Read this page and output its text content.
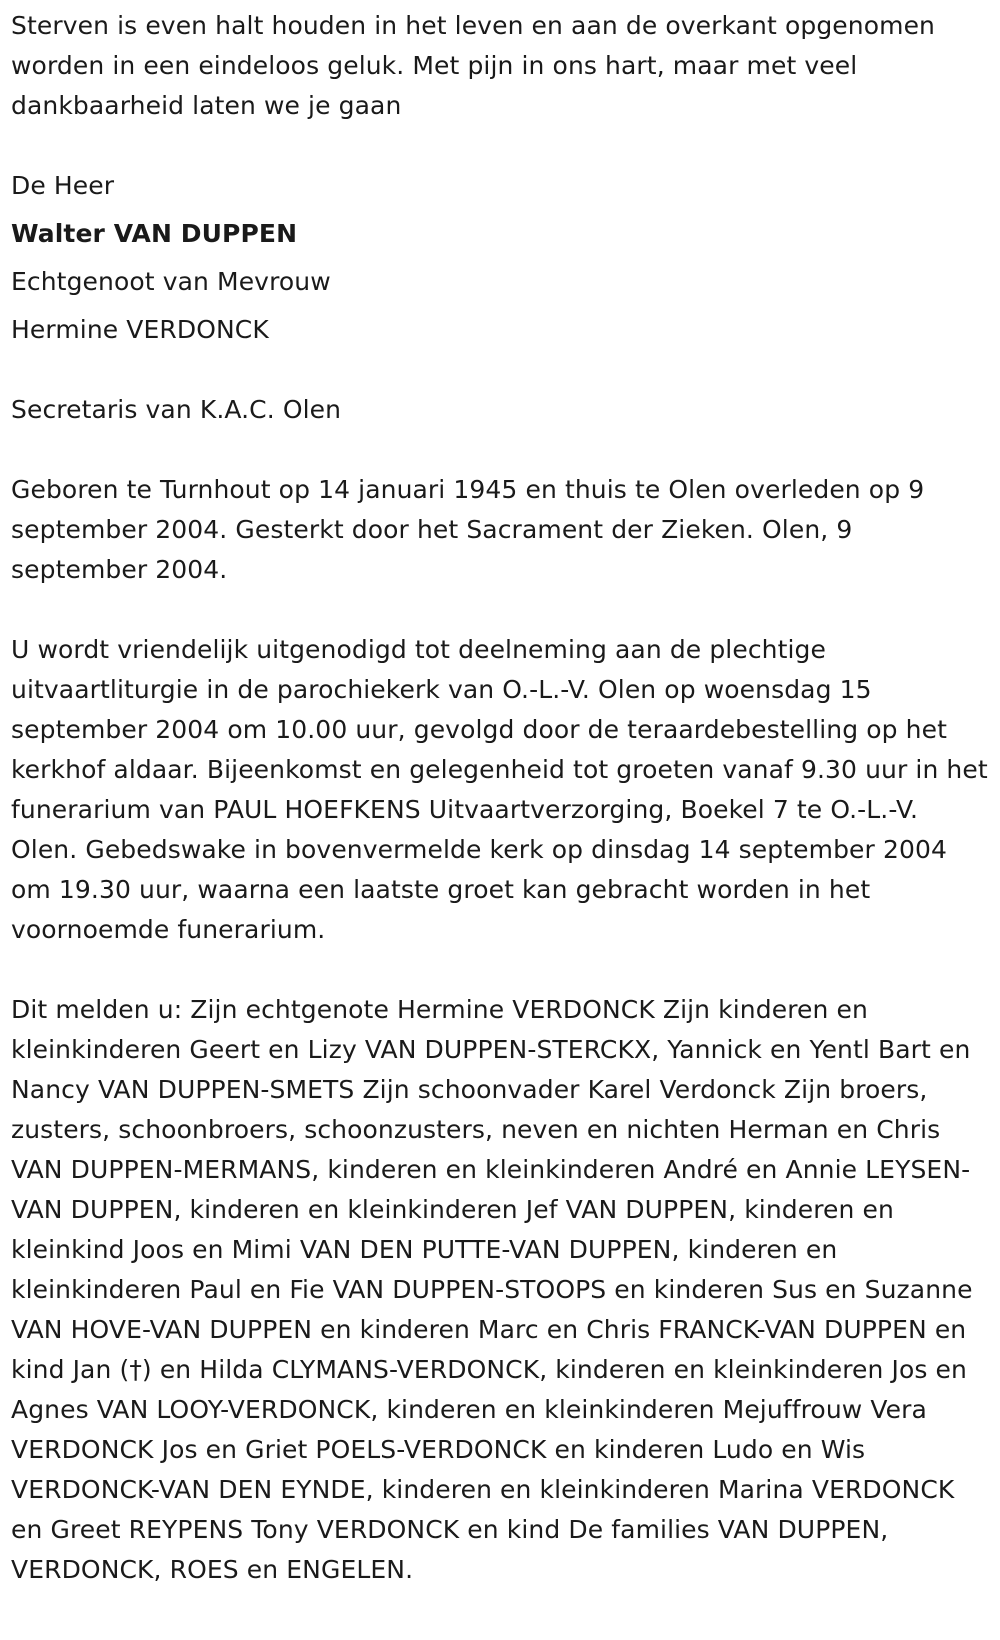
Sterven is even halt houden in het leven en aan de overkant opgenomen worden in een eindeloos geluk. Met pijn in ons hart, maar met veel dankbaarheid laten we je gaan

De Heer

Walter VAN DUPPEN

Echtgenoot van Mevrouw

Hermine VERDONCK

Secretaris van K.A.C. Olen

Geboren te Turnhout op 14 januari 1945 en thuis te Olen overleden op 9 september 2004. Gesterkt door het Sacrament der Zieken. Olen, 9 september 2004.

U wordt vriendelijk uitgenodigd tot deelneming aan de plechtige uitvaartliturgie in de parochiekerk van O.-L.-V. Olen op woensdag 15 september 2004 om 10.00 uur, gevolgd door de teraardebestelling op het kerkhof aldaar. Bijeenkomst en gelegenheid tot groeten vanaf 9.30 uur in het funerarium van PAUL HOEFKENS Uitvaartverzorging, Boekel 7 te O.-L.-V. Olen. Gebedswake in bovenvermelde kerk op dinsdag 14 september 2004 om 19.30 uur, waarna een laatste groet kan gebracht worden in het voornoemde funerarium.

Dit melden u: Zijn echtgenote Hermine VERDONCK Zijn kinderen en kleinkinderen Geert en Lizy VAN DUPPEN-STERCKX, Yannick en Yentl Bart en Nancy VAN DUPPEN-SMETS Zijn schoonvader Karel Verdonck Zijn broers, zusters, schoonbroers, schoonzusters, neven en nichten Herman en Chris VAN DUPPEN-MERMANS, kinderen en kleinkinderen André en Annie LEYSEN-VAN DUPPEN, kinderen en kleinkinderen Jef VAN DUPPEN, kinderen en kleinkind Joos en Mimi VAN DEN PUTTE-VAN DUPPEN, kinderen en kleinkinderen Paul en Fie VAN DUPPEN-STOOPS en kinderen Sus en Suzanne VAN HOVE-VAN DUPPEN en kinderen Marc en Chris FRANCK-VAN DUPPEN en kind Jan (†) en Hilda CLYMANS-VERDONCK, kinderen en kleinkinderen Jos en Agnes VAN LOOY-VERDONCK, kinderen en kleinkinderen Mejuffrouw Vera VERDONCK Jos en Griet POELS-VERDONCK en kinderen Ludo en Wis VERDONCK-VAN DEN EYNDE, kinderen en kleinkinderen Marina VERDONCK en Greet REYPENS Tony VERDONCK en kind De families VAN DUPPEN, VERDONCK, ROES en ENGELEN.
